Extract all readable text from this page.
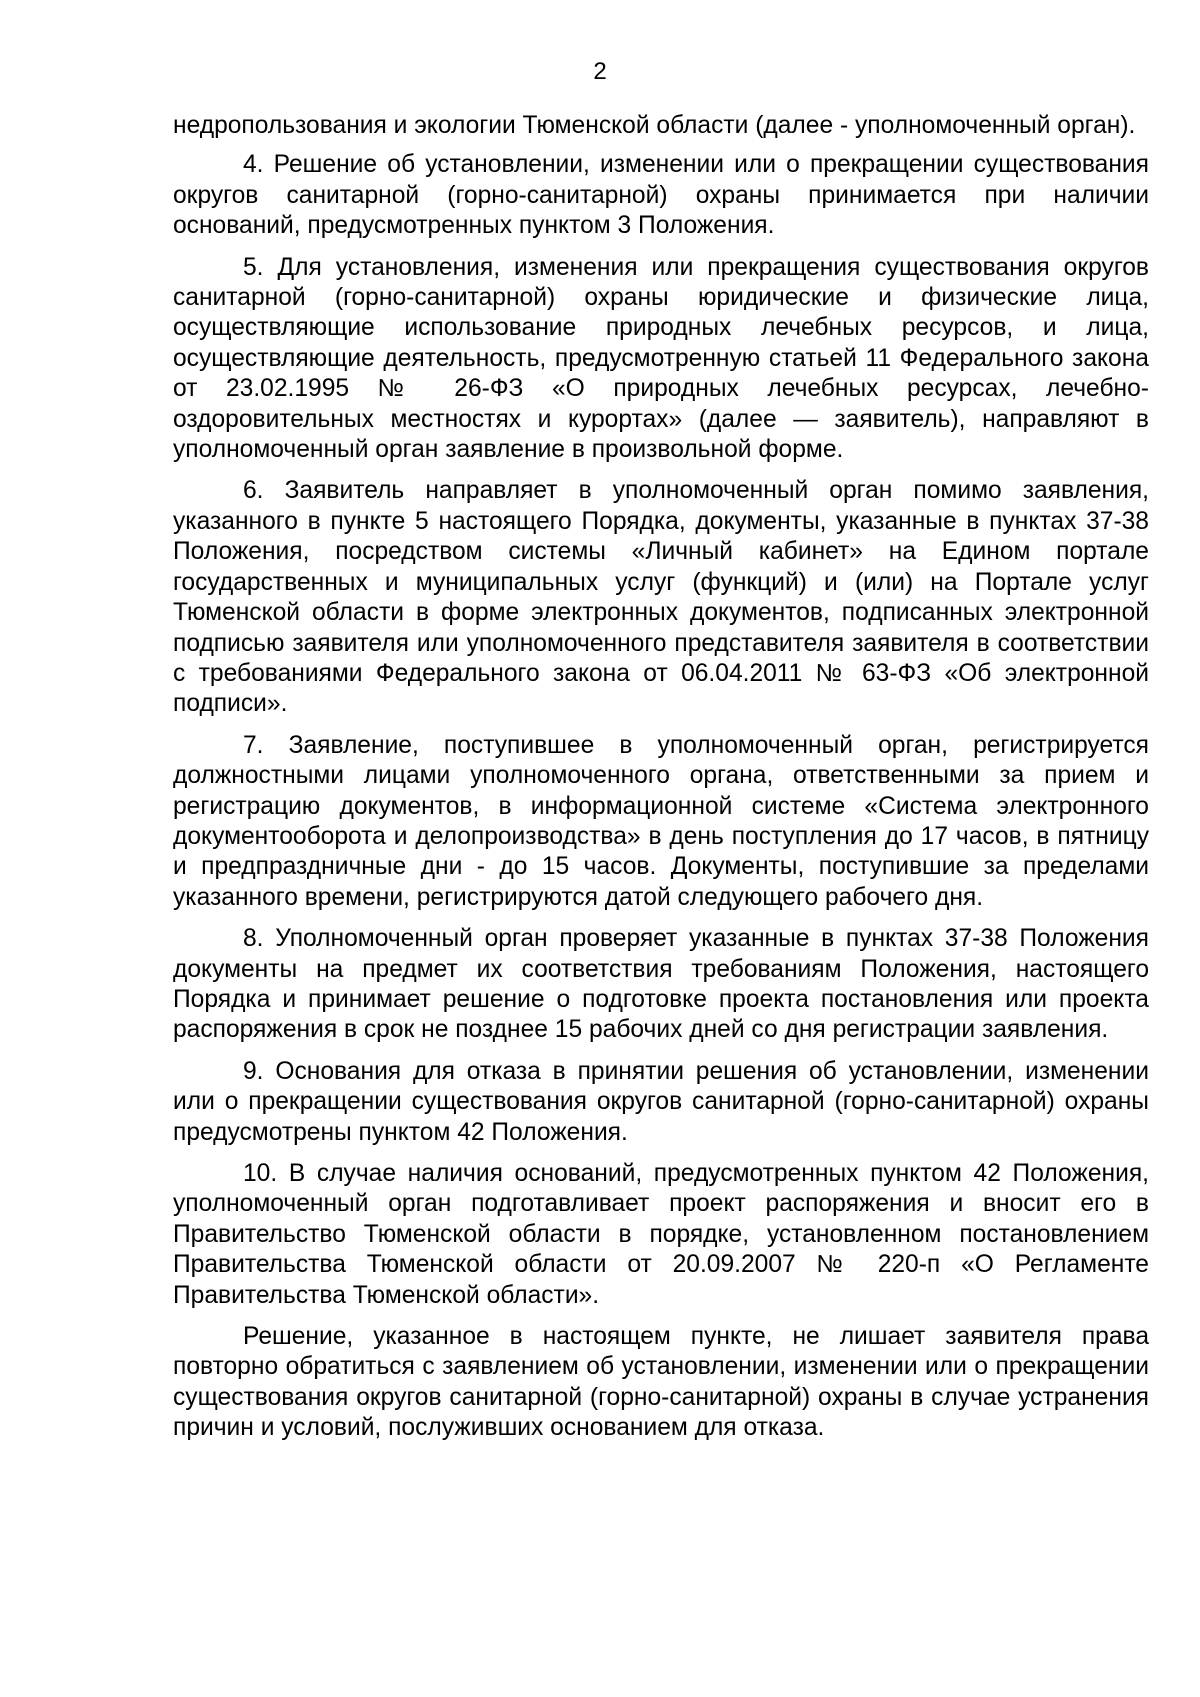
2

недропользования и экологии Тюменской области (далее - уполномоченный орган).

4. Решение об установлении, изменении или о прекращении существования округов санитарной (горно-санитарной) охраны принимается при наличии оснований, предусмотренных пунктом 3 Положения.

5. Для установления, изменения или прекращения существования округов санитарной (горно-санитарной) охраны юридические и физические лица, осуществляющие использование природных лечебных ресурсов, и лица, осуществляющие деятельность, предусмотренную статьей 11 Федерального закона от 23.02.1995 № 26-ФЗ «О природных лечебных ресурсах, лечебно-оздоровительных местностях и курортах» (далее — заявитель), направляют в уполномоченный орган заявление в произвольной форме.

6. Заявитель направляет в уполномоченный орган помимо заявления, указанного в пункте 5 настоящего Порядка, документы, указанные в пунктах 37-38 Положения, посредством системы «Личный кабинет» на Едином портале государственных и муниципальных услуг (функций) и (или) на Портале услуг Тюменской области в форме электронных документов, подписанных электронной подписью заявителя или уполномоченного представителя заявителя в соответствии с требованиями Федерального закона от 06.04.2011 № 63-ФЗ «Об электронной подписи».

7. Заявление, поступившее в уполномоченный орган, регистрируется должностными лицами уполномоченного органа, ответственными за прием и регистрацию документов, в информационной системе «Система электронного документооборота и делопроизводства» в день поступления до 17 часов, в пятницу и предпраздничные дни - до 15 часов. Документы, поступившие за пределами указанного времени, регистрируются датой следующего рабочего дня.

8. Уполномоченный орган проверяет указанные в пунктах 37-38 Положения документы на предмет их соответствия требованиям Положения, настоящего Порядка и принимает решение о подготовке проекта постановления или проекта распоряжения в срок не позднее 15 рабочих дней со дня регистрации заявления.

9. Основания для отказа в принятии решения об установлении, изменении или о прекращении существования округов санитарной (горно-санитарной) охраны предусмотрены пунктом 42 Положения.

10. В случае наличия оснований, предусмотренных пунктом 42 Положения, уполномоченный орган подготавливает проект распоряжения и вносит его в Правительство Тюменской области в порядке, установленном постановлением Правительства Тюменской области от 20.09.2007 № 220-п «О Регламенте Правительства Тюменской области».

Решение, указанное в настоящем пункте, не лишает заявителя права повторно обратиться с заявлением об установлении, изменении или о прекращении существования округов санитарной (горно-санитарной) охраны в случае устранения причин и условий, послуживших основанием для отказа.
